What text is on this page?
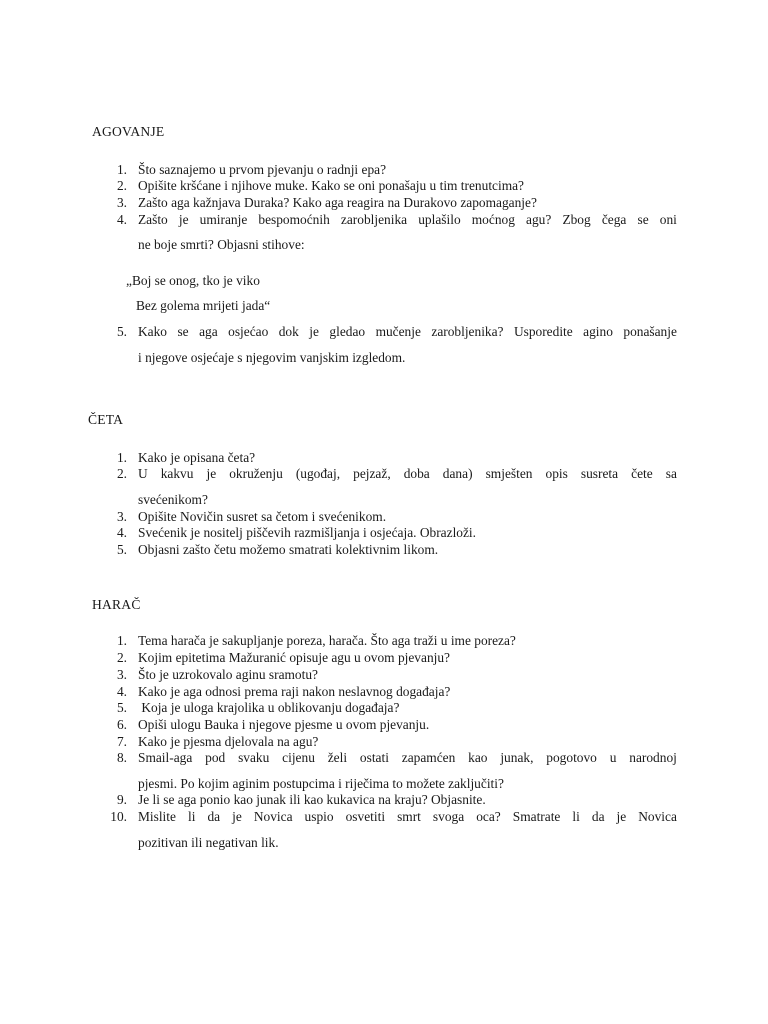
AGOVANJE
1. Što saznajemo u prvom pjevanju o radnji epa?
2. Opišite kršćane i njihove muke. Kako se oni ponašaju u tim trenutcima?
3. Zašto aga kažnjava Duraka? Kako aga reagira na Durakovo zapomaganje?
4. Zašto je umiranje bespomoćnih zarobljenika uplašilo moćnog agu? Zbog čega se oni
ne boje smrti? Objasni stihove:
„Boj se onog, tko je viko
Bez golema mrijeti jada“
5. Kako se aga osjećao dok je gledao mučenje zarobljenika? Usporedite agino ponašanje
i njegove osjećaje s njegovim vanjskim izgledom.
ČETA
1. Kako je opisana četa?
2. U kakvu je okruženju (ugođaj, pejzaž, doba dana) smješten opis susreta čete sa
svećenikom?
3. Opišite Novičin susret sa četom i svećenikom.
4. Svećenik je nositelj piščevih razmišljanja i osjećaja. Obrazloži.
5. Objasni zašto četu možemo smatrati kolektivnim likom.
HARAČ
1. Tema harača je sakupljanje poreza, harača. Što aga traži u ime poreza?
2. Kojim epitetima Mažuranić opisuje agu u ovom pjevanju?
3. Što je uzrokovalo aginu sramotu?
4. Kako je aga odnosi prema raji nakon neslavnog događaja?
5. Koja je uloga krajolika u oblikovanju događaja?
6. Opiši ulogu Bauka i njegove pjesme u ovom pjevanju.
7. Kako je pjesma djelovala na agu?
8. Smail-aga pod svaku cijenu želi ostati zapamćen kao junak, pogotovo u narodnoj
pjesmi. Po kojim aginim postupcima i riječima to možete zaključiti?
9. Je li se aga ponio kao junak ili kao kukavica na kraju? Objasnite.
10. Mislite li da je Novica uspio osvetiti smrt svoga oca? Smatrate li da je Novica
pozitivan ili negativan lik.
